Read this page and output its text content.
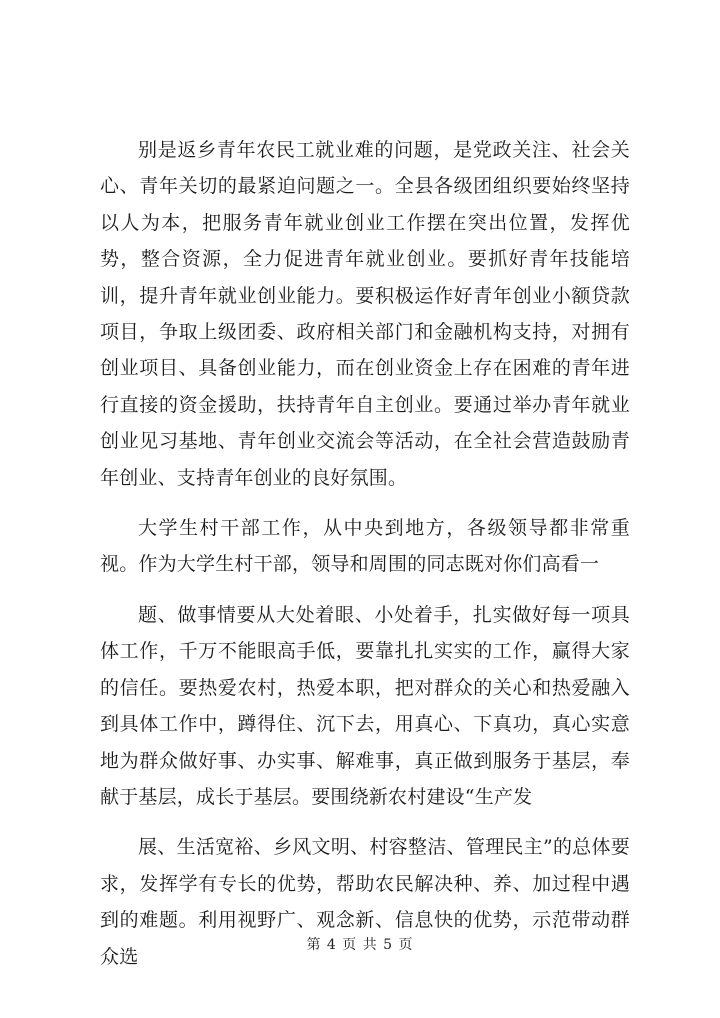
别是返乡青年农民工就业难的问题，是党政关注、社会关心、青年关切的最紧迫问题之一。全县各级团组织要始终坚持以人为本，把服务青年就业创业工作摆在突出位置，发挥优势，整合资源，全力促进青年就业创业。要抓好青年技能培训，提升青年就业创业能力。要积极运作好青年创业小额贷款项目，争取上级团委、政府相关部门和金融机构支持，对拥有创业项目、具备创业能力，而在创业资金上存在困难的青年进行直接的资金援助，扶持青年自主创业。要通过举办青年就业创业见习基地、青年创业交流会等活动，在全社会营造鼓励青年创业、支持青年创业的良好氛围。

大学生村干部工作，从中央到地方，各级领导都非常重视。作为大学生村干部，领导和周围的同志既对你们高看一

题、做事情要从大处着眼、小处着手，扎实做好每一项具体工作，千万不能眼高手低，要靠扎扎实实的工作，赢得大家的信任。要热爱农村，热爱本职，把对群众的关心和热爱融入到具体工作中，蹲得住、沉下去，用真心、下真功，真心实意地为群众做好事、办实事、解难事，真正做到服务于基层，奉献于基层，成长于基层。要围绕新农村建设“生产发

展、生活宽裕、乡风文明、村容整洁、管理民主”的总体要求，发挥学有专长的优势，帮助农民解决种、养、加过程中遇到的难题。利用视野广、观念新、信息快的优势，示范带动群众选

第 4 页 共 5 页
